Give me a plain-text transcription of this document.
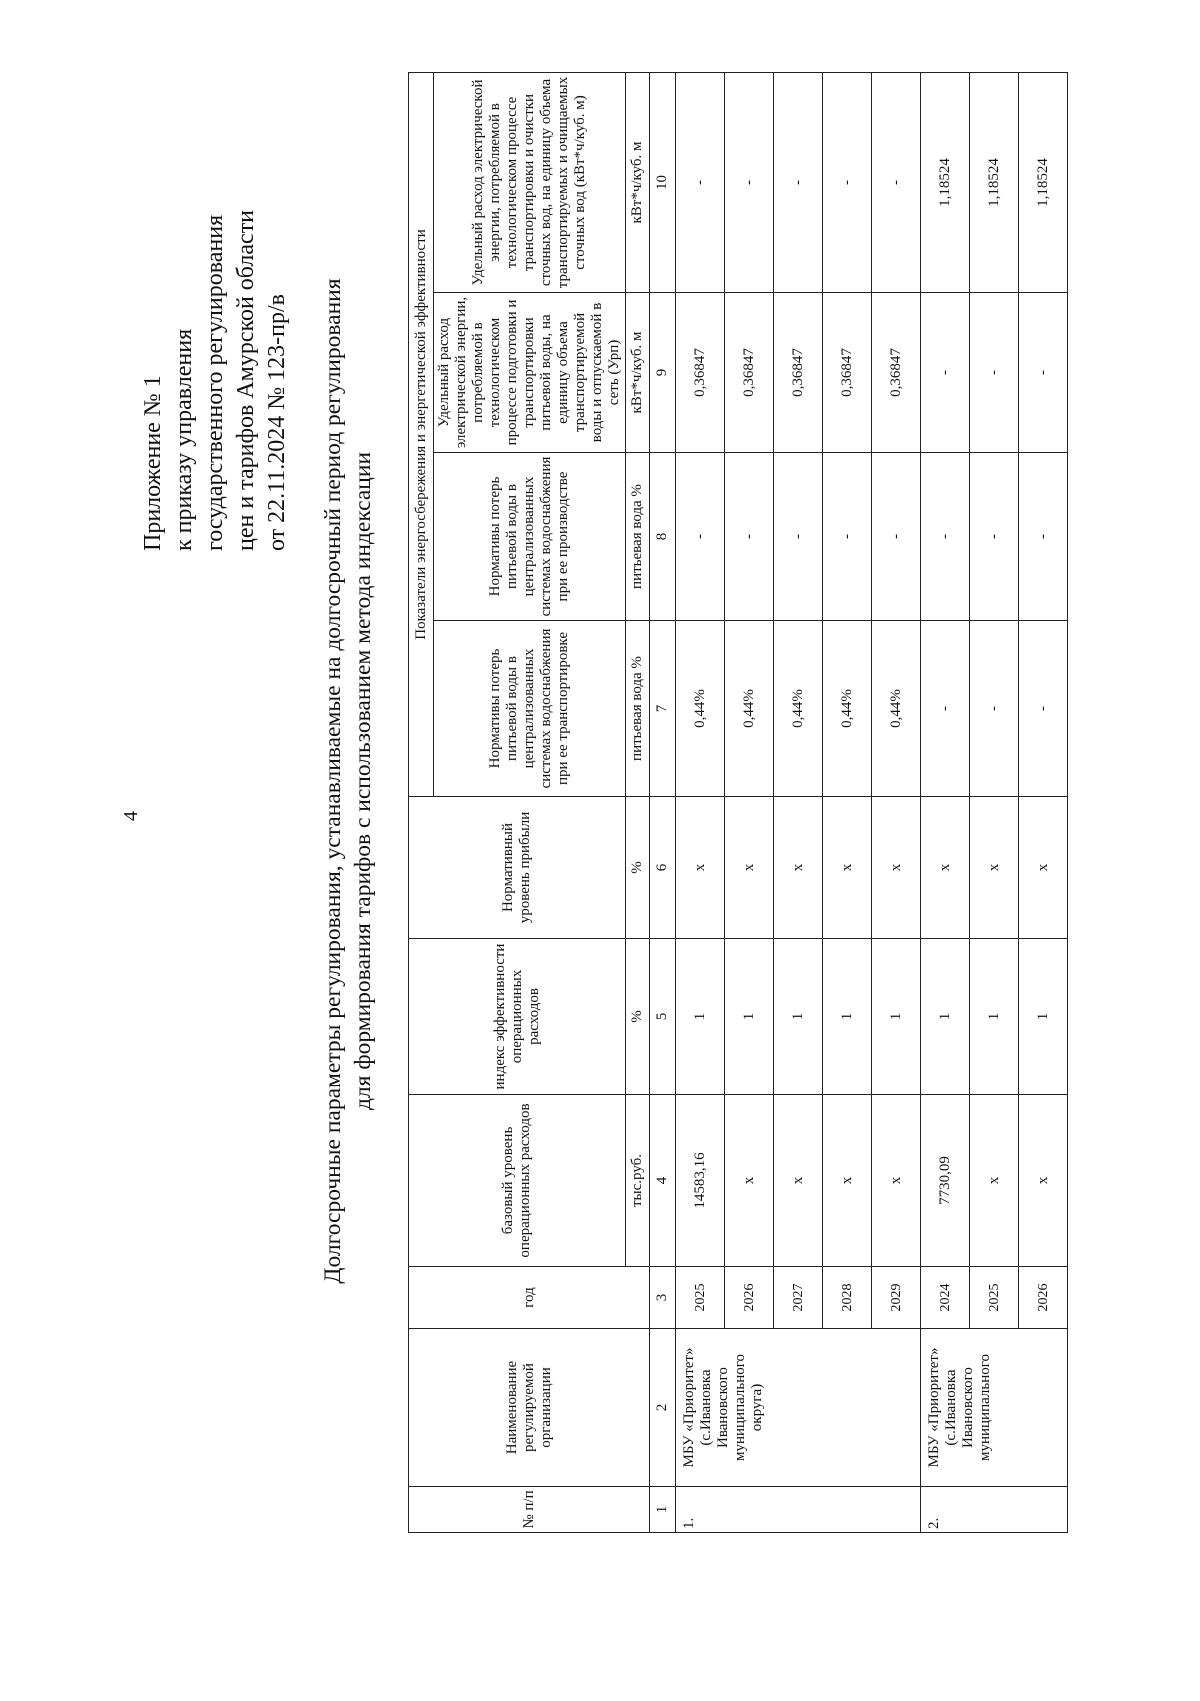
4
Приложение № 1 к приказу управления государственного регулирования цен и тарифов Амурской области от 22.11.2024 № 123-пр/в Долгосрочные параметры регулирования, устанавливаемые на долгосрочный период регулирования для формирования тарифов с использованием метода индексации
№ п/п	Наименование регулируемой организации	год	базовый уровень операционных расходов	индекс эффективности операционных расходов	Нормативный уровень прибыли	Показатели энергосбережения и энергетической эффективности			
						Нормативы потерь питьевой воды в централизованных системах водоснабжения при ее транспортировке	Нормативы потерь питьевой воды в централизованных системах водоснабжения при ее производстве	Удельный расход электрической энергии, потребляемой в технологическом процессе подготовки и транспортировки питьевой воды, на единицу объема транспортируемой воды и отпускаемой в сеть (Урп)	Удельный расход электрической энергии, потребляемой в технологическом процессе транспортировки и очистки сточных вод, на единицу объема транспортируемых и очищаемых сточных вод (кВт*ч/куб. м)
			тыс.руб.	%	%	питьевая вода %	питьевая вода %	кВт*ч/куб. м	кВт*ч/куб. м
1	2	3	4	5	6	7	8	9	10
1.	МБУ «Приоритет» (с.Ивановка Ивановского муниципального округа)	2025	14583,16	1	x	0,44%	-	0,36847	-
		2026	x	1	x	0,44%	-	0,36847	-
		2027	x	1	x	0,44%	-	0,36847	-
		2028	x	1	x	0,44%	-	0,36847	-
		2029	x	1	x	0,44%	-	0,36847	-
2.	МБУ «Приоритет» (с.Ивановка Ивановского муниципального	2024	7730,09	1	x	-	-	-	1,18524
		2025	x	1	x	-	-	-	1,18524
		2026	x	1	x	-	-	-	1,18524
